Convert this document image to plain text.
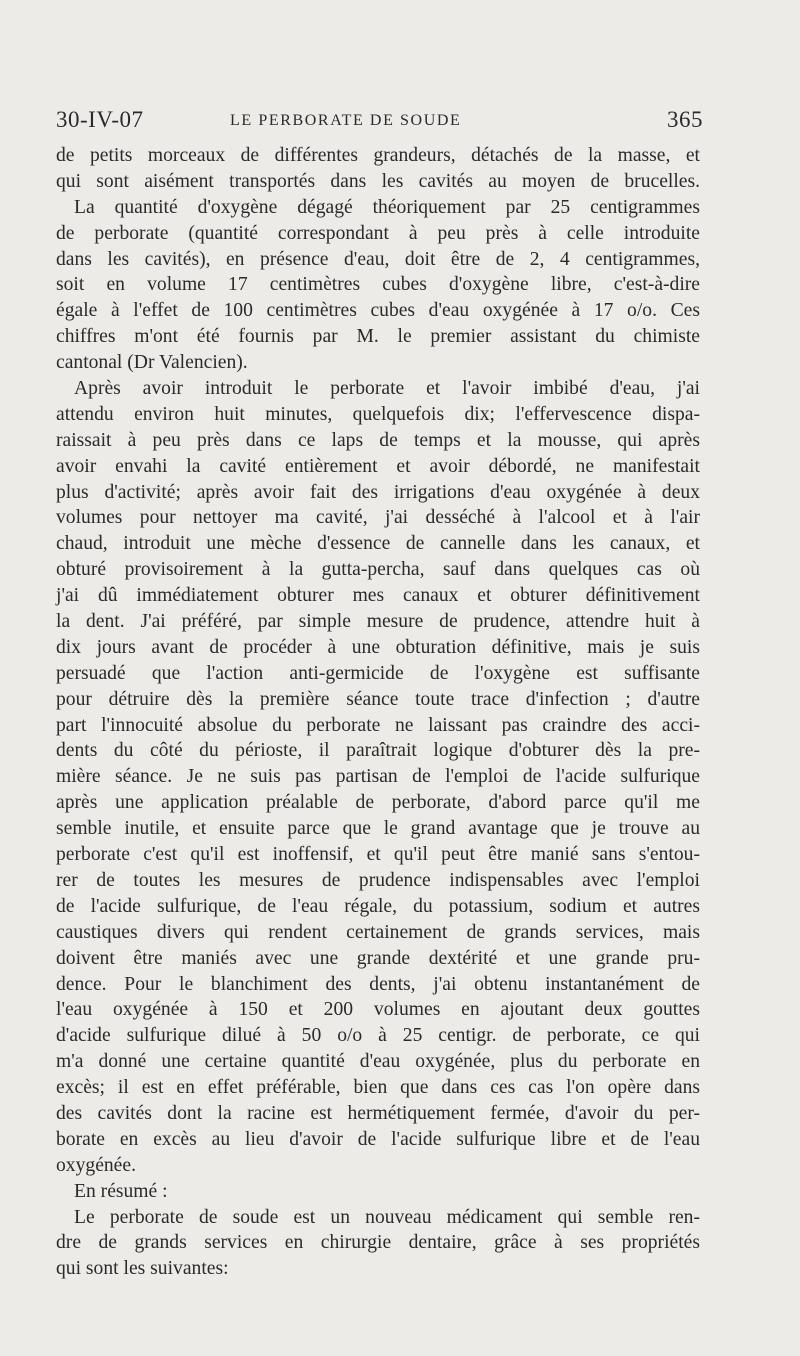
30-IV-07	LE PERBORATE DE SOUDE	365
de petits morceaux de différentes grandeurs, détachés de la masse, et
qui sont aisément transportés dans les cavités au moyen de brucelles.
La quantité d'oxygène dégagé théoriquement par 25 centigrammes
de perborate (quantité correspondant à peu près à celle introduite
dans les cavités), en présence d'eau, doit être de 2, 4 centigrammes,
soit en volume 17 centimètres cubes d'oxygène libre, c'est-à-dire
égale à l'effet de 100 centimètres cubes d'eau oxygénée à 17 o/o. Ces
chiffres m'ont été fournis par M. le premier assistant du chimiste
cantonal (Dr Valencien).
Après avoir introduit le perborate et l'avoir imbibé d'eau, j'ai
attendu environ huit minutes, quelquefois dix; l'effervescence dispa-
raissait à peu près dans ce laps de temps et la mousse, qui après
avoir envahi la cavité entièrement et avoir débordé, ne manifestait
plus d'activité; après avoir fait des irrigations d'eau oxygénée à deux
volumes pour nettoyer ma cavité, j'ai desséché à l'alcool et à l'air
chaud, introduit une mèche d'essence de cannelle dans les canaux, et
obturé provisoirement à la gutta-percha, sauf dans quelques cas où
j'ai dû immédiatement obturer mes canaux et obturer définitivement
la dent. J'ai préféré, par simple mesure de prudence, attendre huit à
dix jours avant de procéder à une obturation définitive, mais je suis
persuadé que l'action anti-germicide de l'oxygène est suffisante
pour détruire dès la première séance toute trace d'infection ; d'autre
part l'innocuité absolue du perborate ne laissant pas craindre des acci-
dents du côté du périoste, il paraîtrait logique d'obturer dès la pre-
mière séance. Je ne suis pas partisan de l'emploi de l'acide sulfurique
après une application préalable de perborate, d'abord parce qu'il me
semble inutile, et ensuite parce que le grand avantage que je trouve au
perborate c'est qu'il est inoffensif, et qu'il peut être manié sans s'entou-
rer de toutes les mesures de prudence indispensables avec l'emploi
de l'acide sulfurique, de l'eau régale, du potassium, sodium et autres
caustiques divers qui rendent certainement de grands services, mais
doivent être maniés avec une grande dextérité et une grande pru-
dence. Pour le blanchiment des dents, j'ai obtenu instantanément de
l'eau oxygénée à 150 et 200 volumes en ajoutant deux gouttes
d'acide sulfurique dilué à 50 o/o à 25 centigr. de perborate, ce qui
m'a donné une certaine quantité d'eau oxygénée, plus du perborate en
excès; il est en effet préférable, bien que dans ces cas l'on opère dans
des cavités dont la racine est hermétiquement fermée, d'avoir du per-
borate en excès au lieu d'avoir de l'acide sulfurique libre et de l'eau
oxygénée.
En résumé :
Le perborate de soude est un nouveau médicament qui semble ren-
dre de grands services en chirurgie dentaire, grâce à ses propriétés
qui sont les suivantes:
